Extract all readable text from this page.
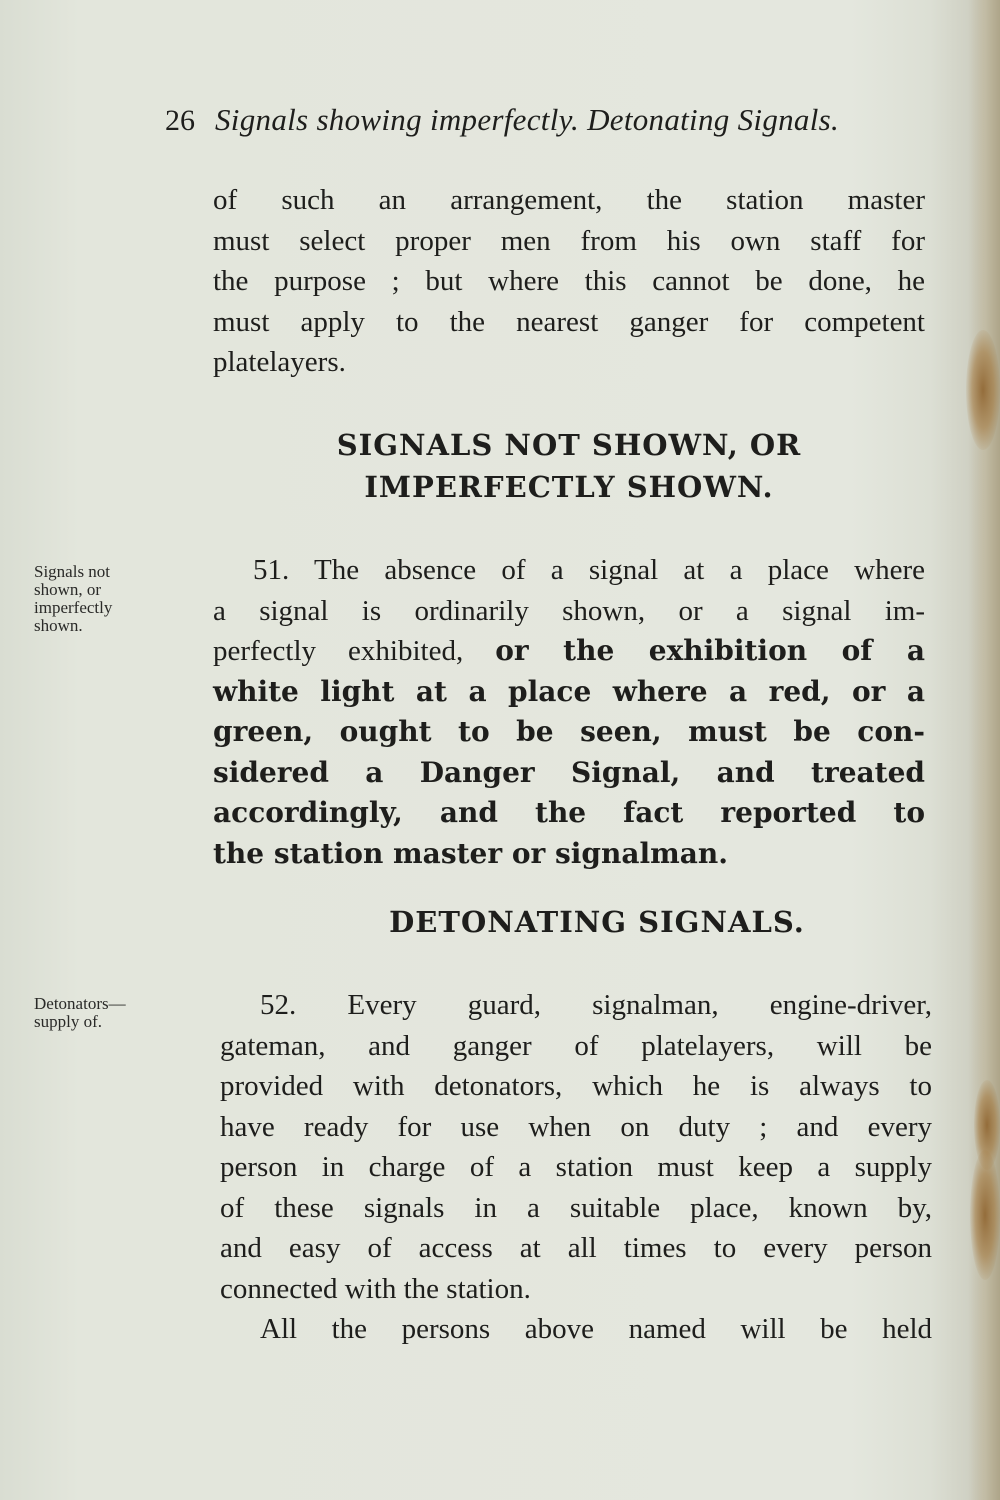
26 Signals showing imperfectly. Detonating Signals.
of such an arrangement, the station master
must select proper men from his own staff for
the purpose ; but where this cannot be done, he
must apply to the nearest ganger for competent
platelayers.
SIGNALS NOT SHOWN, OR
IMPERFECTLY SHOWN.
Signals not
shown, or
imperfectly
shown.
51. The absence of a signal at a place where
a signal is ordinarily shown, or a signal im-
perfectly exhibited, or the exhibition of a
white light at a place where a red, or a
green, ought to be seen, must be con-
sidered a Danger Signal, and treated
accordingly, and the fact reported to
the station master or signalman.
DETONATING SIGNALS.
Detonators—
supply of.
52. Every guard, signalman, engine-driver,
gateman, and ganger of platelayers, will be
provided with detonators, which he is always to
have ready for use when on duty ; and every
person in charge of a station must keep a supply
of these signals in a suitable place, known by,
and easy of access at all times to every person
connected with the station.
All the persons above named will be held
